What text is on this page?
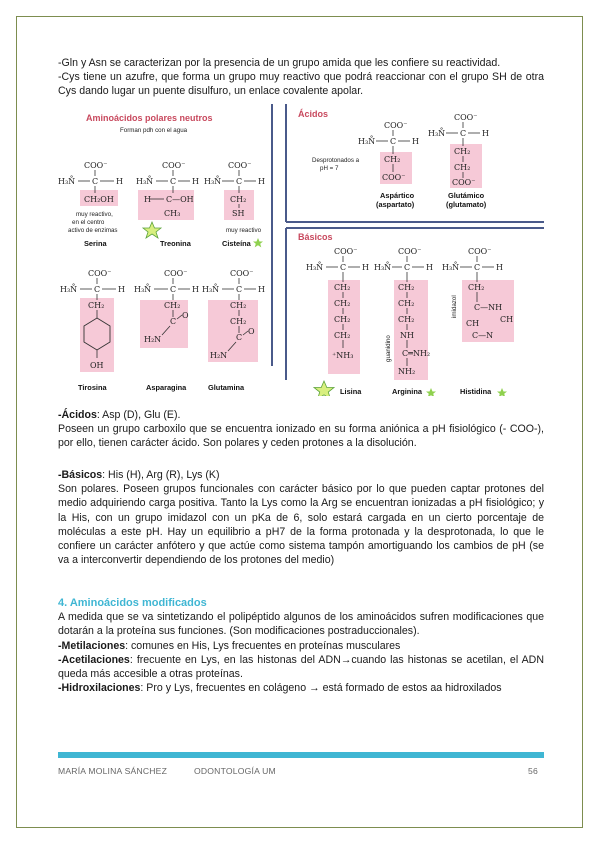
-Gln y Asn se caracterizan por la presencia de un grupo amida que les confiere su reactividad.

-Cys tiene un azufre, que forma un grupo muy reactivo que podrá reaccionar con el grupo SH de otra Cys dando lugar un puente disulfuro, un enlace covalente apolar.

Aminoácidos polares neutros
Forman pdh con el agua
Ácidos
Básicos
COO⁻
H₃N̊ C H
CH₂OH
muy reactivo,
en el centro
activo de enzimas
Serina
COO⁻
H₃N̊ C H
H C—OH
CH₃
Treonina
COO⁻
H₃N̊ C H
CH₂
SH
muy reactivo
Cisteína
COO⁻
H₃N̊ C H
CH₂
OH
Tirosina
COO⁻
H₃N̊ C H
CH₂
C
O
H₂N
Asparagina
COO⁻
H₃N̊ C H
CH₂
CH₂
C
O
H₂N
Glutamina
COO⁻
H₃N̊ C H
CH₂
COO⁻
Desprotonados a
pH = 7
Aspártico
(aspartato)
COO⁻
H₃N̊ C H
CH₂
CH₂
COO⁻
Glutámico
(glutamato)
COO⁻
H₃N̊ C H
CH₂
CH₂
CH₂
CH₂
⁺NH₃
Lisina
COO⁻
H₃N̊ C H
CH₂
CH₂
CH₂
NH
C═NH₂
NH₂
guanidino
Arginina
COO⁻
H₃N̊ C H
CH₂
C—NH
CH
C—N
CH
imidazol
Histidina

-Ácidos: Asp (D), Glu (E).

Poseen un grupo carboxilo que se encuentra ionizado en su forma aniónica a pH fisiológico (- COO-), por ello, tienen carácter ácido. Son polares y ceden protones a la disolución.

-Básicos: His (H), Arg (R), Lys (K)

Son polares. Poseen grupos funcionales con carácter básico por lo que pueden captar protones del medio adquiriendo carga positiva. Tanto la Lys como la Arg se encuentran ionizadas a pH fisiológico; y la His, con un grupo imidazol con un pKa de 6, solo estará cargada en un cierto porcentaje de moléculas a este pH. Hay un equilibrio a pH7 de la forma protonada y la desprotonada, lo que le confiere un carácter anfótero y que actúe como sistema tampón amortiguando los cambios de pH (se va a interconvertir dependiendo de los protones del medio)

4. Aminoácidos modificados

A medida que se va sintetizando el polipéptido algunos de los aminoácidos sufren modificaciones que dotarán a la proteína sus funciones. (Son modificaciones postraduccionales).

-Metilaciones: comunes en His, Lys frecuentes en proteínas musculares

-Acetilaciones: frecuente en Lys, en las histonas del ADN→cuando las histonas se acetilan, el ADN queda más accesible a otras proteínas.

-Hidroxilaciones: Pro y Lys, frecuentes en colágeno → está formado de estos aa hidroxilados

MARÍA MOLINA SÁNCHEZ	ODONTOLOGÍA UM	56
